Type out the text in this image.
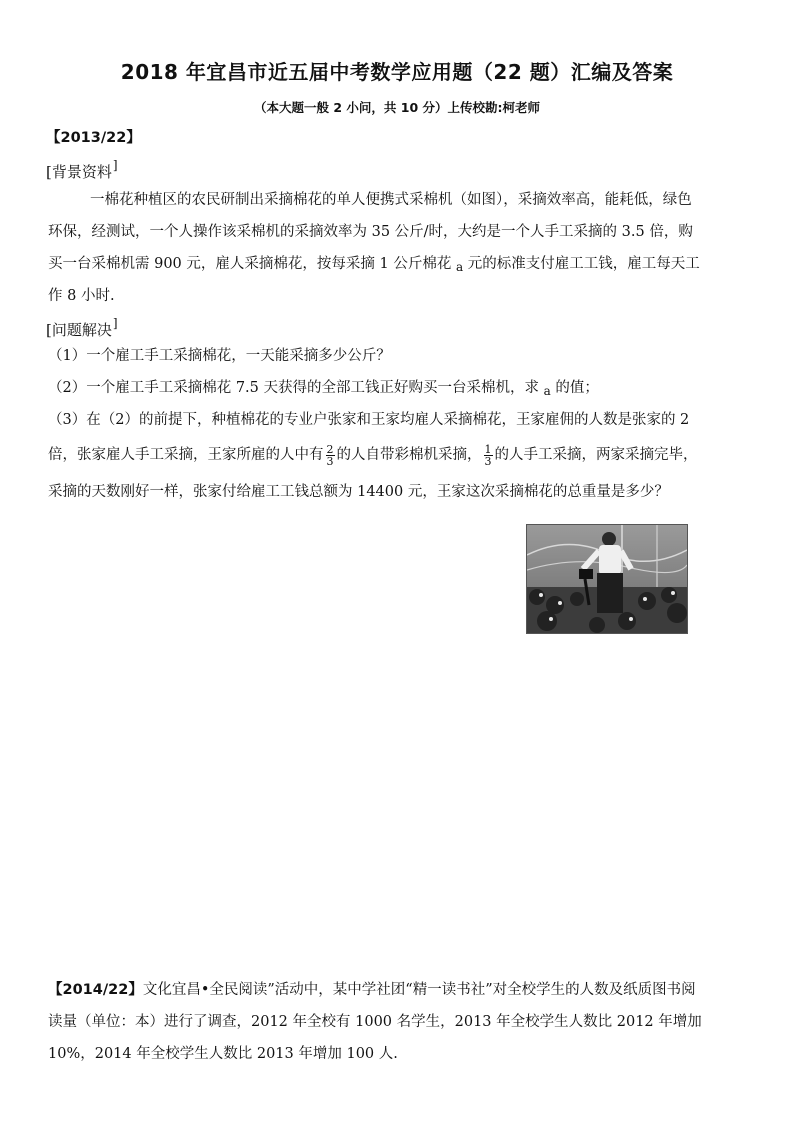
2018 年宜昌市近五届中考数学应用题（22 题）汇编及答案
（本大题一般 2 小问，共 10 分）上传校勘:柯老师
【2013/22】
[背景资料]
一棉花种植区的农民研制出采摘棉花的单人便携式采棉机（如图），采摘效率高，能耗低，绿色
环保，经测试，一个人操作该采棉机的采摘效率为 35 公斤/时，大约是一个人手工采摘的 3.5 倍，购
买一台采棉机需 900 元，雇人采摘棉花，按每采摘 1 公斤棉花 $_a$ 元的标准支付雇工工钱，雇工每天工
作 8 小时.
[问题解决]
（1）一个雇工手工采摘棉花，一天能采摘多少公斤？
（2）一个雇工手工采摘棉花 7.5 天获得的全部工钱正好购买一台采棉机，求 $_a$ 的值；
（3）在（2）的前提下，种植棉花的专业户张家和王家均雇人采摘棉花，王家雇佣的人数是张家的 2
倍，张家雇人手工采摘，王家所雇的人中有 $\frac{2}{3}$ 的人自带彩棉机采摘， $\frac{1}{3}$ 的人手工采摘，两家采摘完毕，
采摘的天数刚好一样，张家付给雇工工钱总额为 14400 元，王家这次采摘棉花的总重量是多少？
【2014/22】文化宜昌•全民阅读”活动中，某中学社团“精一读书社”对全校学生的人数及纸质图书阅
读量（单位：本）进行了调查，2012 年全校有 1000 名学生，2013 年全校学生人数比 2012 年增加
10%，2014 年全校学生人数比 2013 年增加 100 人.
